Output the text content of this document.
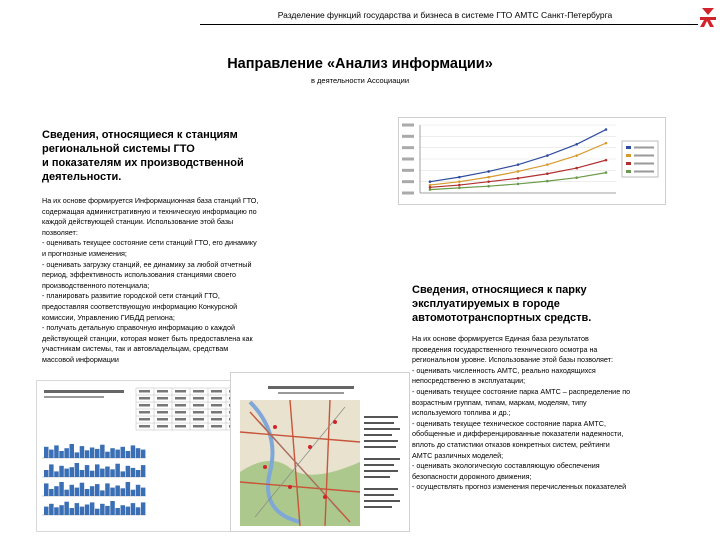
Разделение функций государства и бизнеса в системе ГТО АМТС Санкт-Петербурга
Направление «Анализ информации»
в деятельности Ассоциации
Сведения, относящиеся к станциям
региональной системы ГТО
и показателям их производственной
деятельности.
На их основе формируется Информационная база станций ГТО,
содержащая административную и техническую информацию по
каждой действующей станции. Использование этой базы
позволяет:
- оценивать текущее состояние сети станций ГТО, его динамику
и прогнозные изменения;
- оценивать загрузку станций, ее динамику за любой отчетный
период, эффективность использования станциями своего
производственного потенциала;
- планировать развитие городской сети станций ГТО,
предоставляя соответствующую информацию Конкурсной
комиссии, Управлению ГИБДД региона;
- получать детальную справочную информацию о каждой
действующей станции, которая может быть предоставлена как
участникам системы, так и автовладельцам, средствам
массовой информации
Сведения, относящиеся к парку
эксплуатируемых в городе
автомототранспортных средств.
На их основе формируется Единая база результатов
проведения государственного технического осмотра на
региональном уровне. Использование этой базы позволяет:
- оценивать численность АМТС, реально находящихся
непосредственно в эксплуатации;
- оценивать текущее состояние парка АМТС – распределение по
возрастным группам, типам, маркам, моделям, типу
используемого топлива и др.;
- оценивать текущее техническое состояние парка АМТС,
обобщенные и дифференцированные показатели надежности,
вплоть до статистики отказов конкретных систем, рейтинги
АМТС различных моделей;
- оценивать экологическую составляющую обеспечения
безопасности дорожного движения;
- осуществлять прогноз изменения перечисленных показателей
